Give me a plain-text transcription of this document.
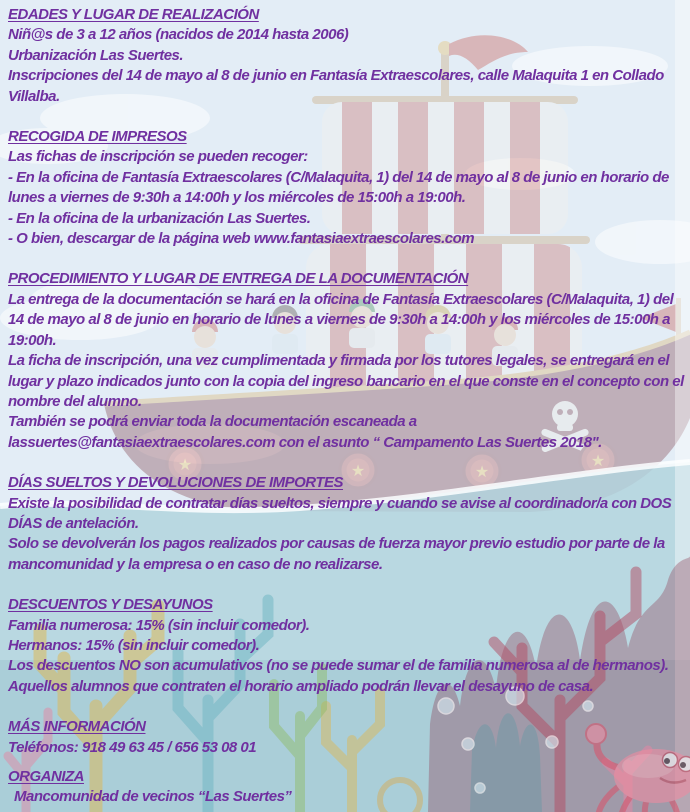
★	★	★
★
EDADES Y LUGAR DE REALIZACIÓN

Niñ@s de 3 a 12 años (nacidos de 2014 hasta 2006)

Urbanización Las Suertes.

Inscripciones del 14 de mayo al 8 de junio en Fantasía Extraescolares, calle Malaquita 1 en Collado Villalba.

RECOGIDA DE IMPRESOS

Las fichas de inscripción se pueden recoger:

- En la oficina de Fantasía Extraescolares (C/Malaquita, 1) del 14 de mayo al 8 de junio en horario de lunes a viernes de 9:30h a 14:00h y los miércoles de 15:00h a 19:00h.

- En la oficina de la urbanización Las Suertes.

- O bien, descargar de la página web www.fantasiaextraescolares.com

PROCEDIMIENTO Y LUGAR DE ENTREGA DE LA DOCUMENTACIÓN

La entrega de la documentación se hará en la oficina de Fantasía Extraescolares (C/Malaquita, 1) del 14 de mayo al 8 de junio en horario de lunes a viernes de 9:30h a 14:00h y los miércoles de 15:00h a 19:00h.

La ficha de inscripción, una vez cumplimentada y firmada por los tutores legales, se entregará en el lugar y plazo indicados junto con la copia del ingreso bancario en el que conste en el concepto con el nombre del alumno.

También se podrá enviar toda la documentación escaneada a lassuertes@fantasiaextraescolares.com con el asunto “ Campamento Las Suertes 2018".

DÍAS SUELTOS Y DEVOLUCIONES DE IMPORTES

Existe la posibilidad de contratar días sueltos, siempre y cuando se avise al coordinador/a con DOS DÍAS de antelación.

Solo se devolverán los pagos realizados por causas de fuerza mayor previo estudio por parte de la mancomunidad y la empresa o en caso de no realizarse.

DESCUENTOS Y DESAYUNOS

Familia numerosa: 15% (sin incluir comedor).

Hermanos: 15% (sin incluir comedor).

Los descuentos NO son acumulativos (no se puede sumar el de familia numerosa al de hermanos).

Aquellos alumnos que contraten el horario ampliado podrán llevar el desayuno de casa.

MÁS INFORMACIÓN

Teléfonos: 918 49 63 45 / 656 53 08 01

ORGANIZA

Mancomunidad de vecinos “Las Suertes”
